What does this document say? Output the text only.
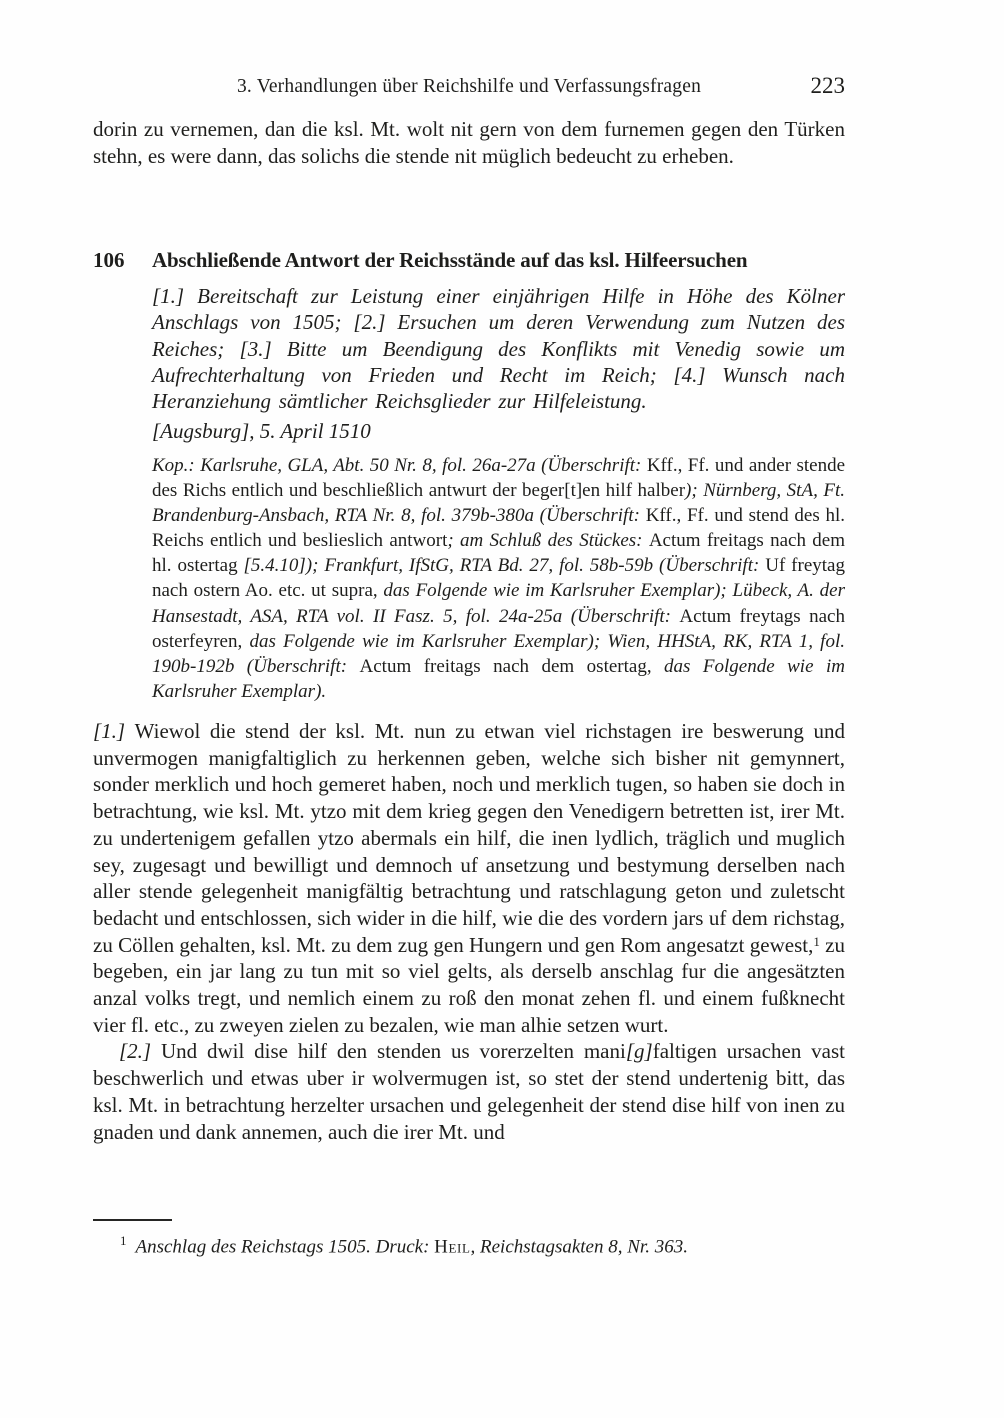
3. Verhandlungen über Reichshilfe und Verfassungsfragen	223

dorin zu vernemen, dan die ksl. Mt. wolt nit gern von dem furnemen gegen den Türken stehn, es were dann, das solichs die stende nit müglich bedeucht zu erheben.

106	Abschließende Antwort der Reichsstände auf das ksl. Hilfeersuchen

[1.] Bereitschaft zur Leistung einer einjährigen Hilfe in Höhe des Kölner Anschlags von 1505; [2.] Ersuchen um deren Verwendung zum Nutzen des Reiches; [3.] Bitte um Beendigung des Konflikts mit Venedig sowie um Aufrechterhaltung von Frieden und Recht im Reich; [4.] Wunsch nach Heranziehung sämtlicher Reichsglieder zur Hilfeleistung.

[Augsburg], 5. April 1510

Kop.: Karlsruhe, GLA, Abt. 50 Nr. 8, fol. 26a-27a (Überschrift: Kff., Ff. und ander stende des Richs entlich und beschließlich antwurt der beger[t]en hilf halber); Nürnberg, StA, Ft. Brandenburg-Ansbach, RTA Nr. 8, fol. 379b-380a (Überschrift: Kff., Ff. und stend des hl. Reichs entlich und beslieslich antwort; am Schluß des Stückes: Actum freitags nach dem hl. ostertag [5.4.10]); Frankfurt, IfStG, RTA Bd. 27, fol. 58b-59b (Überschrift: Uf freytag nach ostern Ao. etc. ut supra, das Folgende wie im Karlsruher Exemplar); Lübeck, A. der Hansestadt, ASA, RTA vol. II Fasz. 5, fol. 24a-25a (Überschrift: Actum freytags nach osterfeyren, das Folgende wie im Karlsruher Exemplar); Wien, HHStA, RK, RTA 1, fol. 190b-192b (Überschrift: Actum freitags nach dem ostertag, das Folgende wie im Karlsruher Exemplar).

[1.] Wiewol die stend der ksl. Mt. nun zu etwan viel richstagen ire beswerung und unvermogen manigfaltiglich zu herkennen geben, welche sich bisher nit gemynnert, sonder merklich und hoch gemeret haben, noch und merklich tugen, so haben sie doch in betrachtung, wie ksl. Mt. ytzo mit dem krieg gegen den Venedigern betretten ist, irer Mt. zu undertenigem gefallen ytzo abermals ein hilf, die inen lydlich, träglich und muglich sey, zugesagt und bewilligt und demnoch uf ansetzung und bestymung derselben nach aller stende gelegenheit manigfältig betrachtung und ratschlagung geton und zuletscht bedacht und entschlossen, sich wider in die hilf, wie die des vordern jars uf dem richstag, zu Cöllen gehalten, ksl. Mt. zu dem zug gen Hungern und gen Rom angesatzt gewest,$^1$ zu begeben, ein jar lang zu tun mit so viel gelts, als derselb anschlag fur die angesätzten anzal volks tregt, und nemlich einem zu roß den monat zehen fl. und einem fußknecht vier fl. etc., zu zweyen zielen zu bezalen, wie man alhie setzen wurt.

[2.] Und dwil dise hilf den stenden us vorerzelten mani[g]faltigen ursachen vast beschwerlich und etwas uber ir wolvermugen ist, so stet der stend undertenig bitt, das ksl. Mt. in betrachtung herzelter ursachen und gelegenheit der stend dise hilf von inen zu gnaden und dank annemen, auch die irer Mt. und

$^1$ Anschlag des Reichstags 1505. Druck: Heil, Reichstagsakten 8, Nr. 363.
